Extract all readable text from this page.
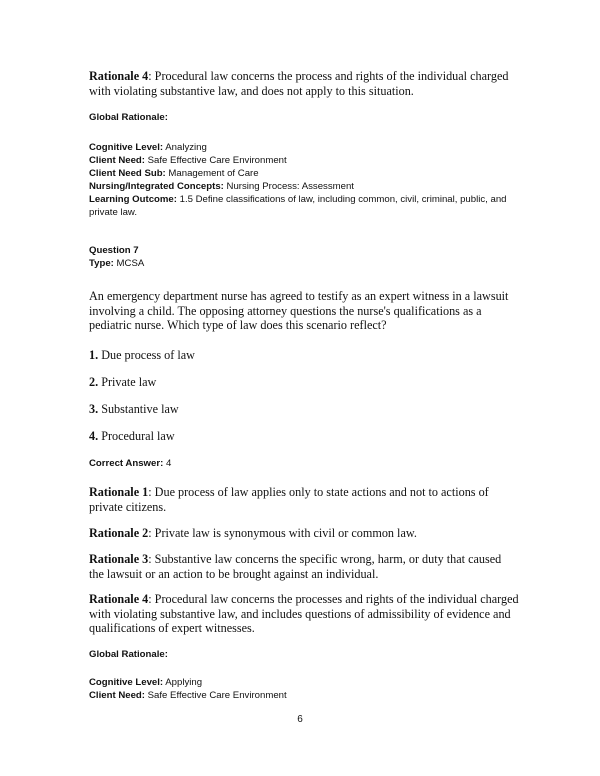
Rationale 4: Procedural law concerns the process and rights of the individual charged with violating substantive law, and does not apply to this situation.
Global Rationale:
Cognitive Level: Analyzing
Client Need: Safe Effective Care Environment
Client Need Sub: Management of Care
Nursing/Integrated Concepts: Nursing Process: Assessment
Learning Outcome: 1.5 Define classifications of law, including common, civil, criminal, public, and private law.
Question 7
Type: MCSA
An emergency department nurse has agreed to testify as an expert witness in a lawsuit involving a child. The opposing attorney questions the nurse's qualifications as a pediatric nurse. Which type of law does this scenario reflect?
1. Due process of law
2. Private law
3. Substantive law
4. Procedural law
Correct Answer: 4
Rationale 1: Due process of law applies only to state actions and not to actions of private citizens.
Rationale 2: Private law is synonymous with civil or common law.
Rationale 3: Substantive law concerns the specific wrong, harm, or duty that caused the lawsuit or an action to be brought against an individual.
Rationale 4: Procedural law concerns the processes and rights of the individual charged with violating substantive law, and includes questions of admissibility of evidence and qualifications of expert witnesses.
Global Rationale:
Cognitive Level: Applying
Client Need: Safe Effective Care Environment
6
